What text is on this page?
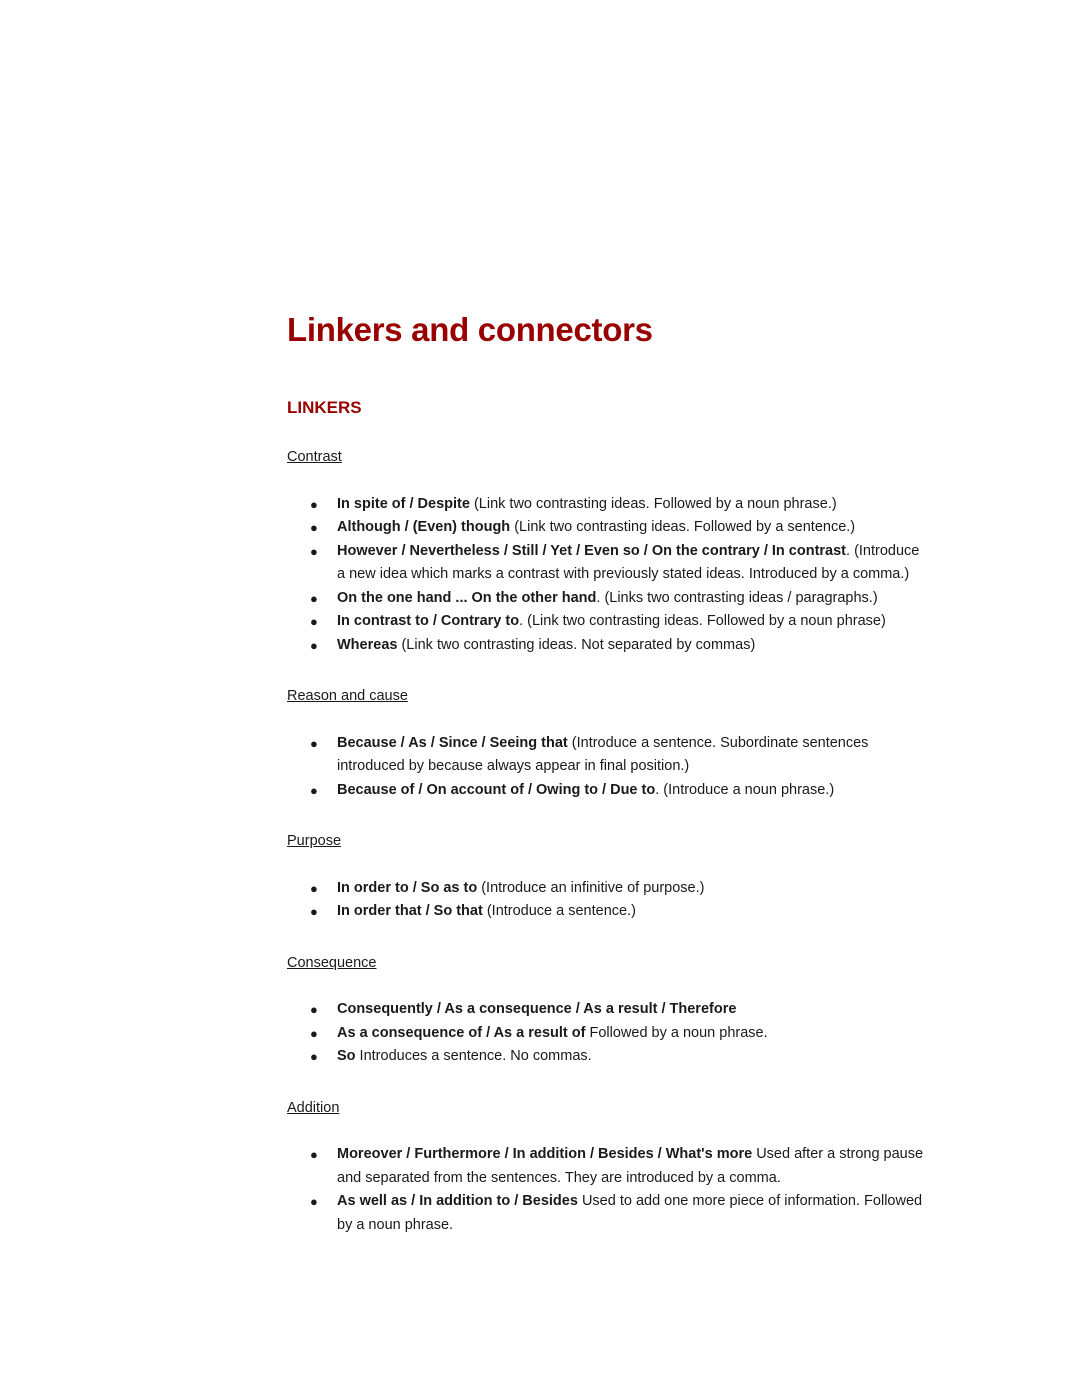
Linkers and connectors
LINKERS
Contrast
● In spite of / Despite (Link two contrasting ideas. Followed by a noun phrase.)
● Although / (Even) though (Link two contrasting ideas. Followed by a sentence.)
● However / Nevertheless / Still / Yet / Even so / On the contrary / In contrast. (Introduce a new idea which marks a contrast with previously stated ideas. Introduced by a comma.)
● On the one hand ... On the other hand. (Links two contrasting ideas / paragraphs.)
● In contrast to / Contrary to. (Link two contrasting ideas. Followed by a noun phrase)
● Whereas (Link two contrasting ideas. Not separated by commas)
Reason and cause
● Because / As / Since / Seeing that (Introduce a sentence. Subordinate sentences introduced by because always appear in final position.)
● Because of / On account of / Owing to / Due to. (Introduce a noun phrase.)
Purpose
● In order to / So as to (Introduce an infinitive of purpose.)
● In order that / So that (Introduce a sentence.)
Consequence
● Consequently / As a consequence / As a result / Therefore
● As a consequence of / As a result of Followed by a noun phrase.
● So Introduces a sentence. No commas.
Addition
● Moreover / Furthermore / In addition / Besides / What's more Used after a strong pause and separated from the sentences. They are introduced by a comma.
● As well as / In addition to / Besides Used to add one more piece of information. Followed by a noun phrase.
